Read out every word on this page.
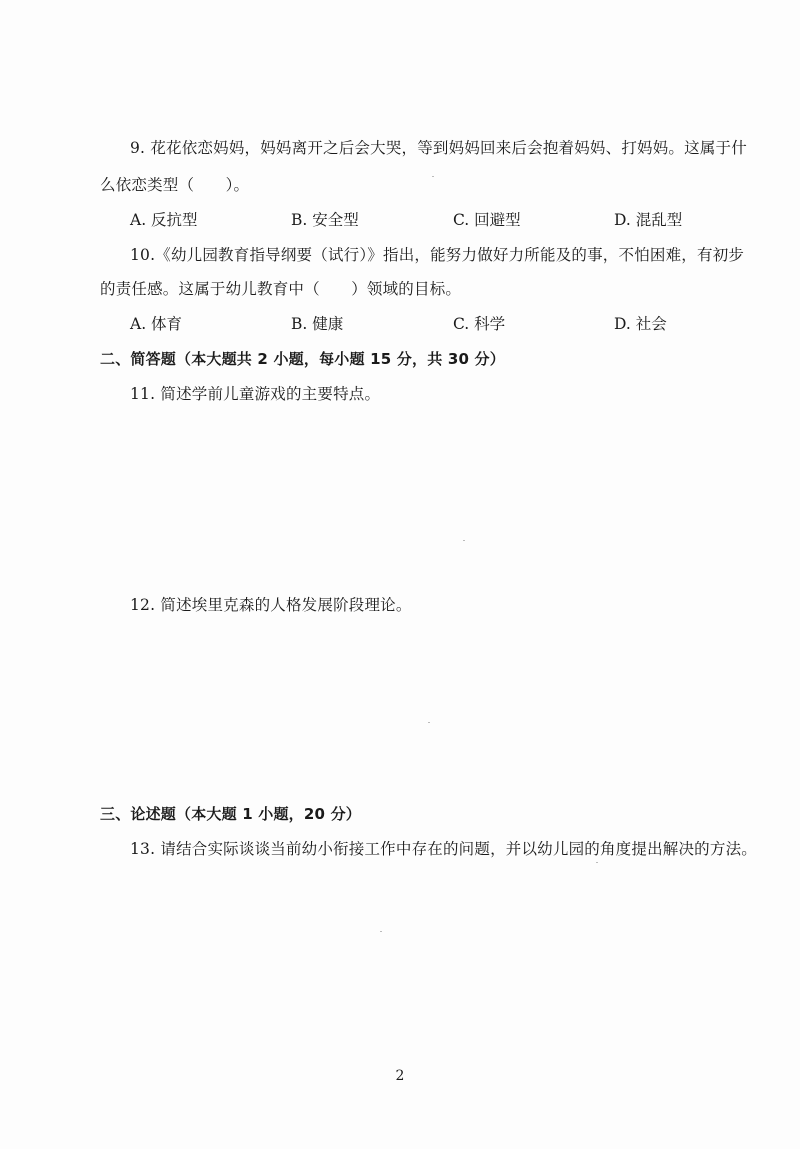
9. 花花依恋妈妈，妈妈离开之后会大哭，等到妈妈回来后会抱着妈妈、打妈妈。这属于什
么依恋类型（　　）。
A. 反抗型	B. 安全型	C. 回避型	D. 混乱型
10.《幼儿园教育指导纲要（试行）》指出，能努力做好力所能及的事，不怕困难，有初步
的责任感。这属于幼儿教育中（　　）领域的目标。
A. 体育	B. 健康	C. 科学	D. 社会
二、简答题（本大题共 2 小题，每小题 15 分，共 30 分）
11. 简述学前儿童游戏的主要特点。
12. 简述埃里克森的人格发展阶段理论。
三、论述题（本大题 1 小题，20 分）
13. 请结合实际谈谈当前幼小衔接工作中存在的问题，并以幼儿园的角度提出解决的方法。
2
